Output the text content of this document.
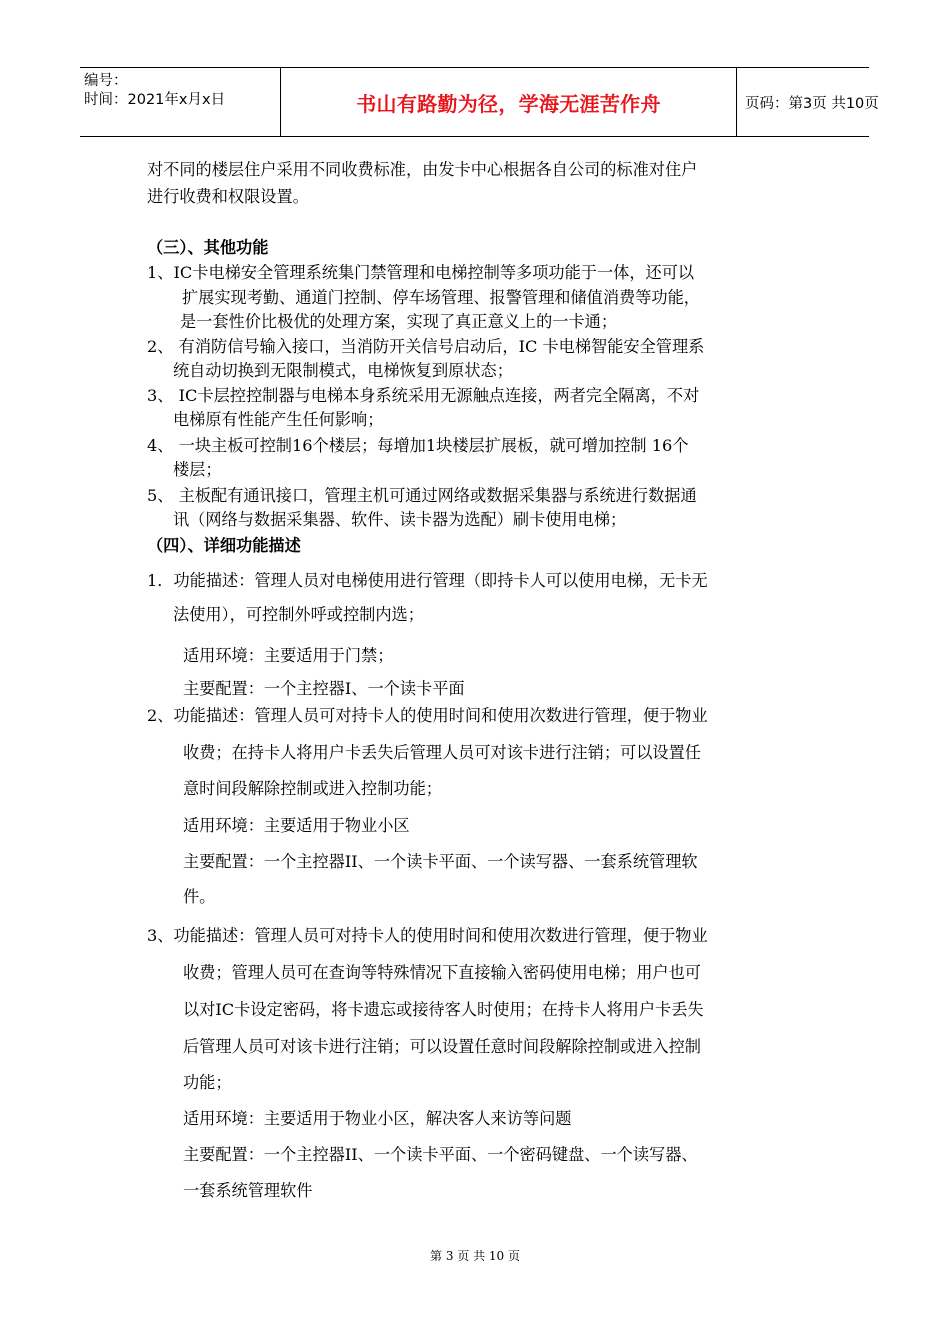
编号：
时间：2021年x月x日	书山有路勤为径，学海无涯苦作舟	页码：第3页 共10页
对不同的楼层住户采用不同收费标准，由发卡中心根据各自公司的标准对住户
进行收费和权限设置。
（三）、其他功能
1、IC卡电梯安全管理系统集门禁管理和电梯控制等多项功能于一体，还可以
扩展实现考勤、通道门控制、停车场管理、报警管理和储值消费等功能，
是一套性价比极优的处理方案，实现了真正意义上的一卡通；
2、 有消防信号输入接口，当消防开关信号启动后，IC 卡电梯智能安全管理系
统自动切换到无限制模式，电梯恢复到原状态；
3、 IC卡层控控制器与电梯本身系统采用无源触点连接，两者完全隔离，不对
电梯原有性能产生任何影响；
4、 一块主板可控制16个楼层；每增加1块楼层扩展板，就可增加控制 16个
楼层；
5、 主板配有通讯接口，管理主机可通过网络或数据采集器与系统进行数据通
讯（网络与数据采集器、软件、读卡器为选配）刷卡使用电梯；
（四）、详细功能描述
1．功能描述：管理人员对电梯使用进行管理（即持卡人可以使用电梯，无卡无
法使用），可控制外呼或控制内选；
适用环境：主要适用于门禁；
主要配置：一个主控器Ⅰ、一个读卡平面
2、功能描述：管理人员可对持卡人的使用时间和使用次数进行管理，便于物业
收费；在持卡人将用户卡丢失后管理人员可对该卡进行注销；可以设置任
意时间段解除控制或进入控制功能；
适用环境：主要适用于物业小区
主要配置：一个主控器ⅠⅠ、一个读卡平面、一个读写器、一套系统管理软
件。
3、功能描述：管理人员可对持卡人的使用时间和使用次数进行管理，便于物业
收费；管理人员可在查询等特殊情况下直接输入密码使用电梯；用户也可
以对IC卡设定密码，将卡遗忘或接待客人时使用；在持卡人将用户卡丢失
后管理人员可对该卡进行注销；可以设置任意时间段解除控制或进入控制
功能；
适用环境：主要适用于物业小区，解决客人来访等问题
主要配置：一个主控器ⅠⅠ、一个读卡平面、一个密码键盘、一个读写器、
一套系统管理软件
第 3 页 共 10 页
